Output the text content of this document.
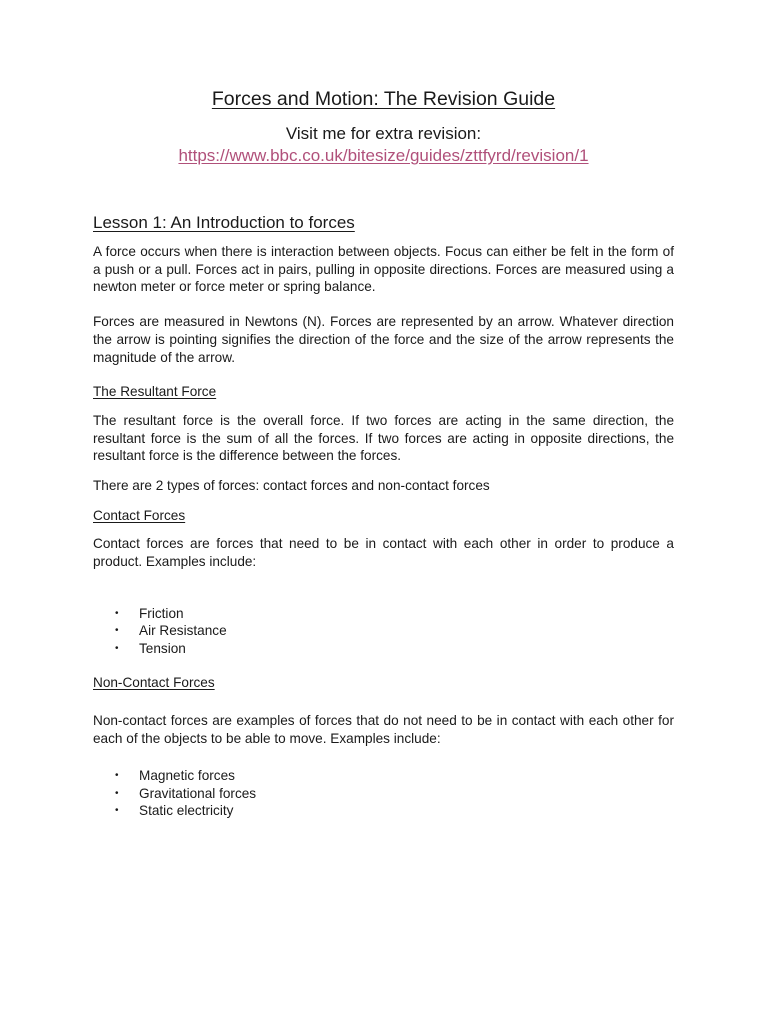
Forces and Motion: The Revision Guide
Visit me for extra revision:
https://www.bbc.co.uk/bitesize/guides/zttfyrd/revision/1
Lesson 1: An Introduction to forces

A force occurs when there is interaction between objects. Focus can either be felt in the form of a push or a pull. Forces act in pairs, pulling in opposite directions. Forces are measured using a newton meter or force meter or spring balance.

Forces are measured in Newtons (N). Forces are represented by an arrow. Whatever direction the arrow is pointing signifies the direction of the force and the size of the arrow represents the magnitude of the arrow.

The Resultant Force

The resultant force is the overall force. If two forces are acting in the same direction, the resultant force is the sum of all the forces. If two forces are acting in opposite directions, the resultant force is the difference between the forces.

There are 2 types of forces: contact forces and non-contact forces

Contact Forces

Contact forces are forces that need to be in contact with each other in order to produce a product. Examples include:

• Friction
• Air Resistance
• Tension
Non-Contact Forces

Non-contact forces are examples of forces that do not need to be in contact with each other for each of the objects to be able to move. Examples include:

• Magnetic forces
• Gravitational forces
• Static electricity
